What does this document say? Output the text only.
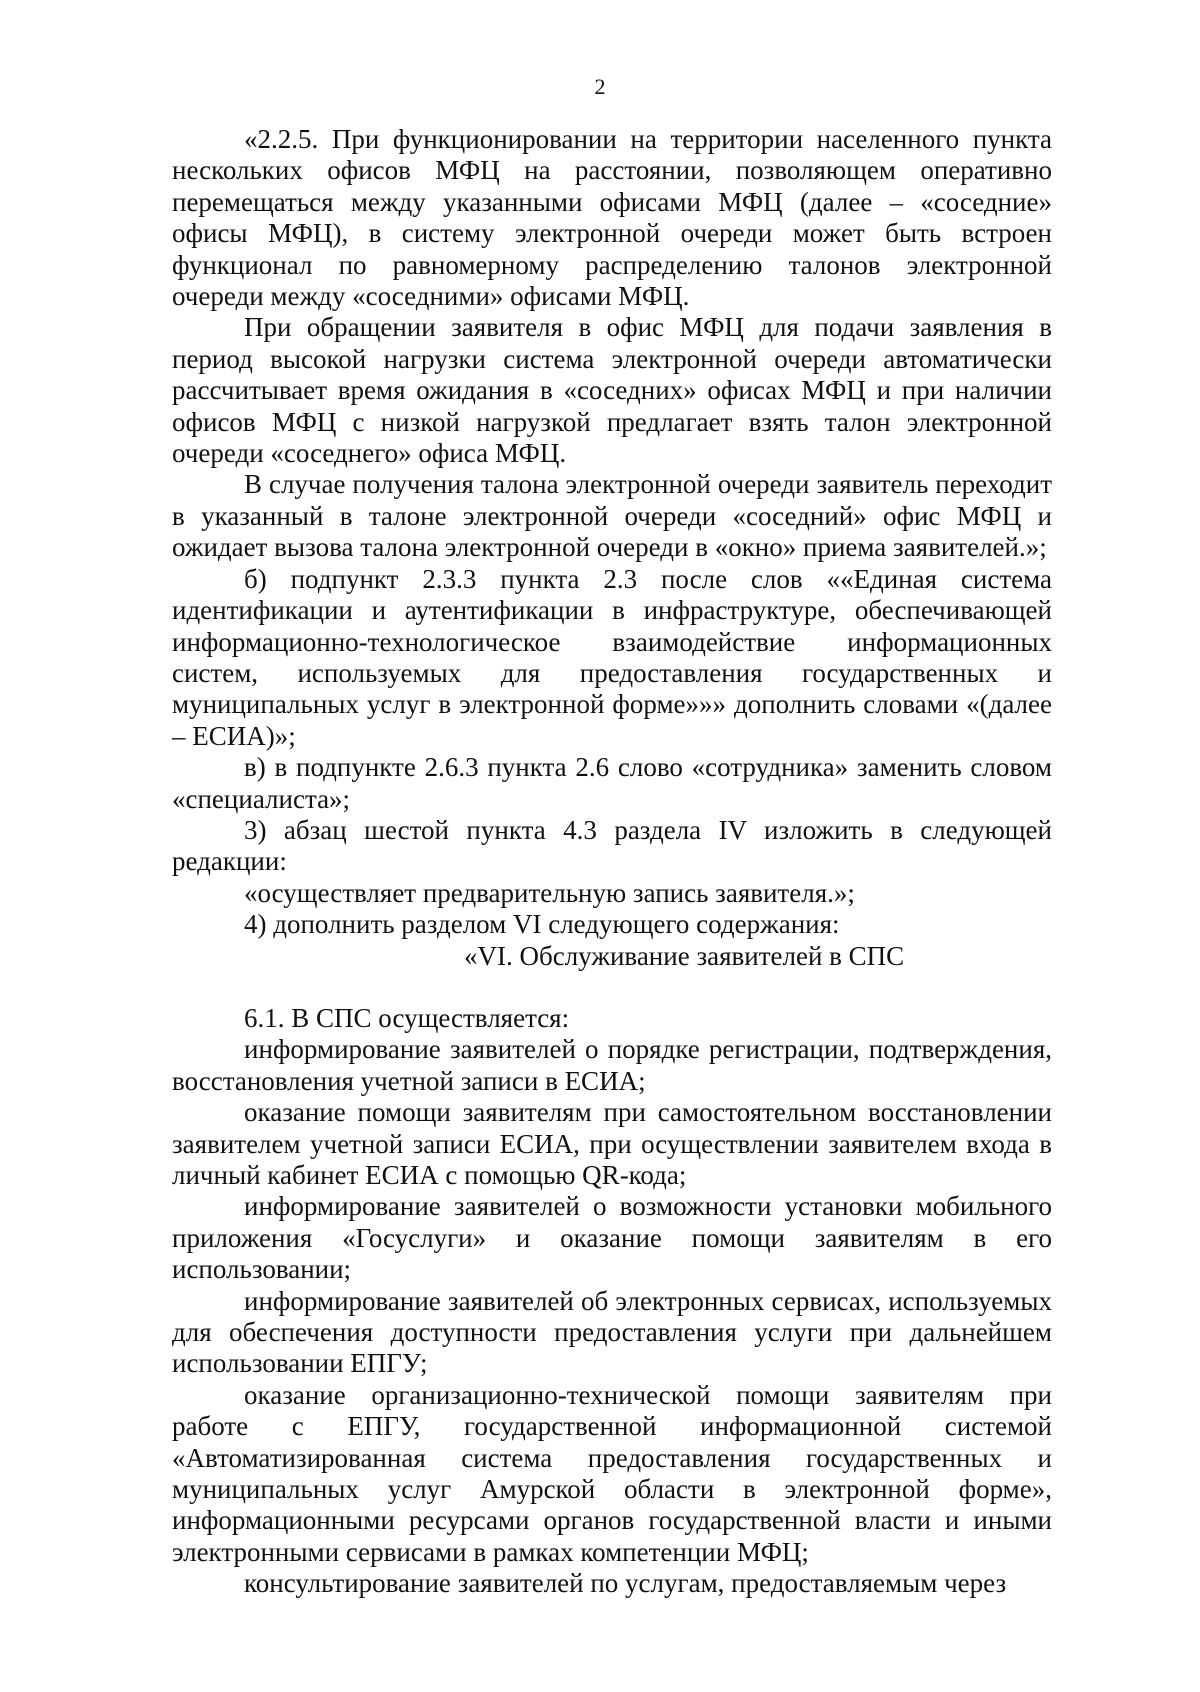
2

«2.2.5. При функционировании на территории населенного пункта нескольких офисов МФЦ на расстоянии, позволяющем оперативно перемещаться между указанными офисами МФЦ (далее – «соседние» офисы МФЦ), в систему электронной очереди может быть встроен функционал по равномерному распределению талонов электронной очереди между «соседними» офисами МФЦ.

При обращении заявителя в офис МФЦ для подачи заявления в период высокой нагрузки система электронной очереди автоматически рассчитывает время ожидания в «соседних» офисах МФЦ и при наличии офисов МФЦ с низкой нагрузкой предлагает взять талон электронной очереди «соседнего» офиса МФЦ.

В случае получения талона электронной очереди заявитель переходит в указанный в талоне электронной очереди «соседний» офис МФЦ и ожидает вызова талона электронной очереди в «окно» приема заявителей.»;

б) подпункт 2.3.3 пункта 2.3 после слов ««Единая система идентификации и аутентификации в инфраструктуре, обеспечивающей информационно-технологическое взаимодействие информационных систем, используемых для предоставления государственных и муниципальных услуг в электронной форме»»» дополнить словами «(далее – ЕСИА)»;

в) в подпункте 2.6.3 пункта 2.6 слово «сотрудника» заменить словом «специалиста»;

3) абзац шестой пункта 4.3 раздела IV изложить в следующей редакции:

«осуществляет предварительную запись заявителя.»;

4) дополнить разделом VI следующего содержания:

«VI. Обслуживание заявителей в СПС

6.1. В СПС осуществляется:

информирование заявителей о порядке регистрации, подтверждения, восстановления учетной записи в ЕСИА;

оказание помощи заявителям при самостоятельном восстановлении заявителем учетной записи ЕСИА, при осуществлении заявителем входа в личный кабинет ЕСИА с помощью QR-кода;

информирование заявителей о возможности установки мобильного приложения «Госуслуги» и оказание помощи заявителям в его использовании;

информирование заявителей об электронных сервисах, используемых для обеспечения доступности предоставления услуги при дальнейшем использовании ЕПГУ;

оказание организационно-технической помощи заявителям при работе с ЕПГУ, государственной информационной системой «Автоматизированная система предоставления государственных и муниципальных услуг Амурской области в электронной форме», информационными ресурсами органов государственной власти и иными электронными сервисами в рамках компетенции МФЦ;

консультирование заявителей по услугам, предоставляемым через
